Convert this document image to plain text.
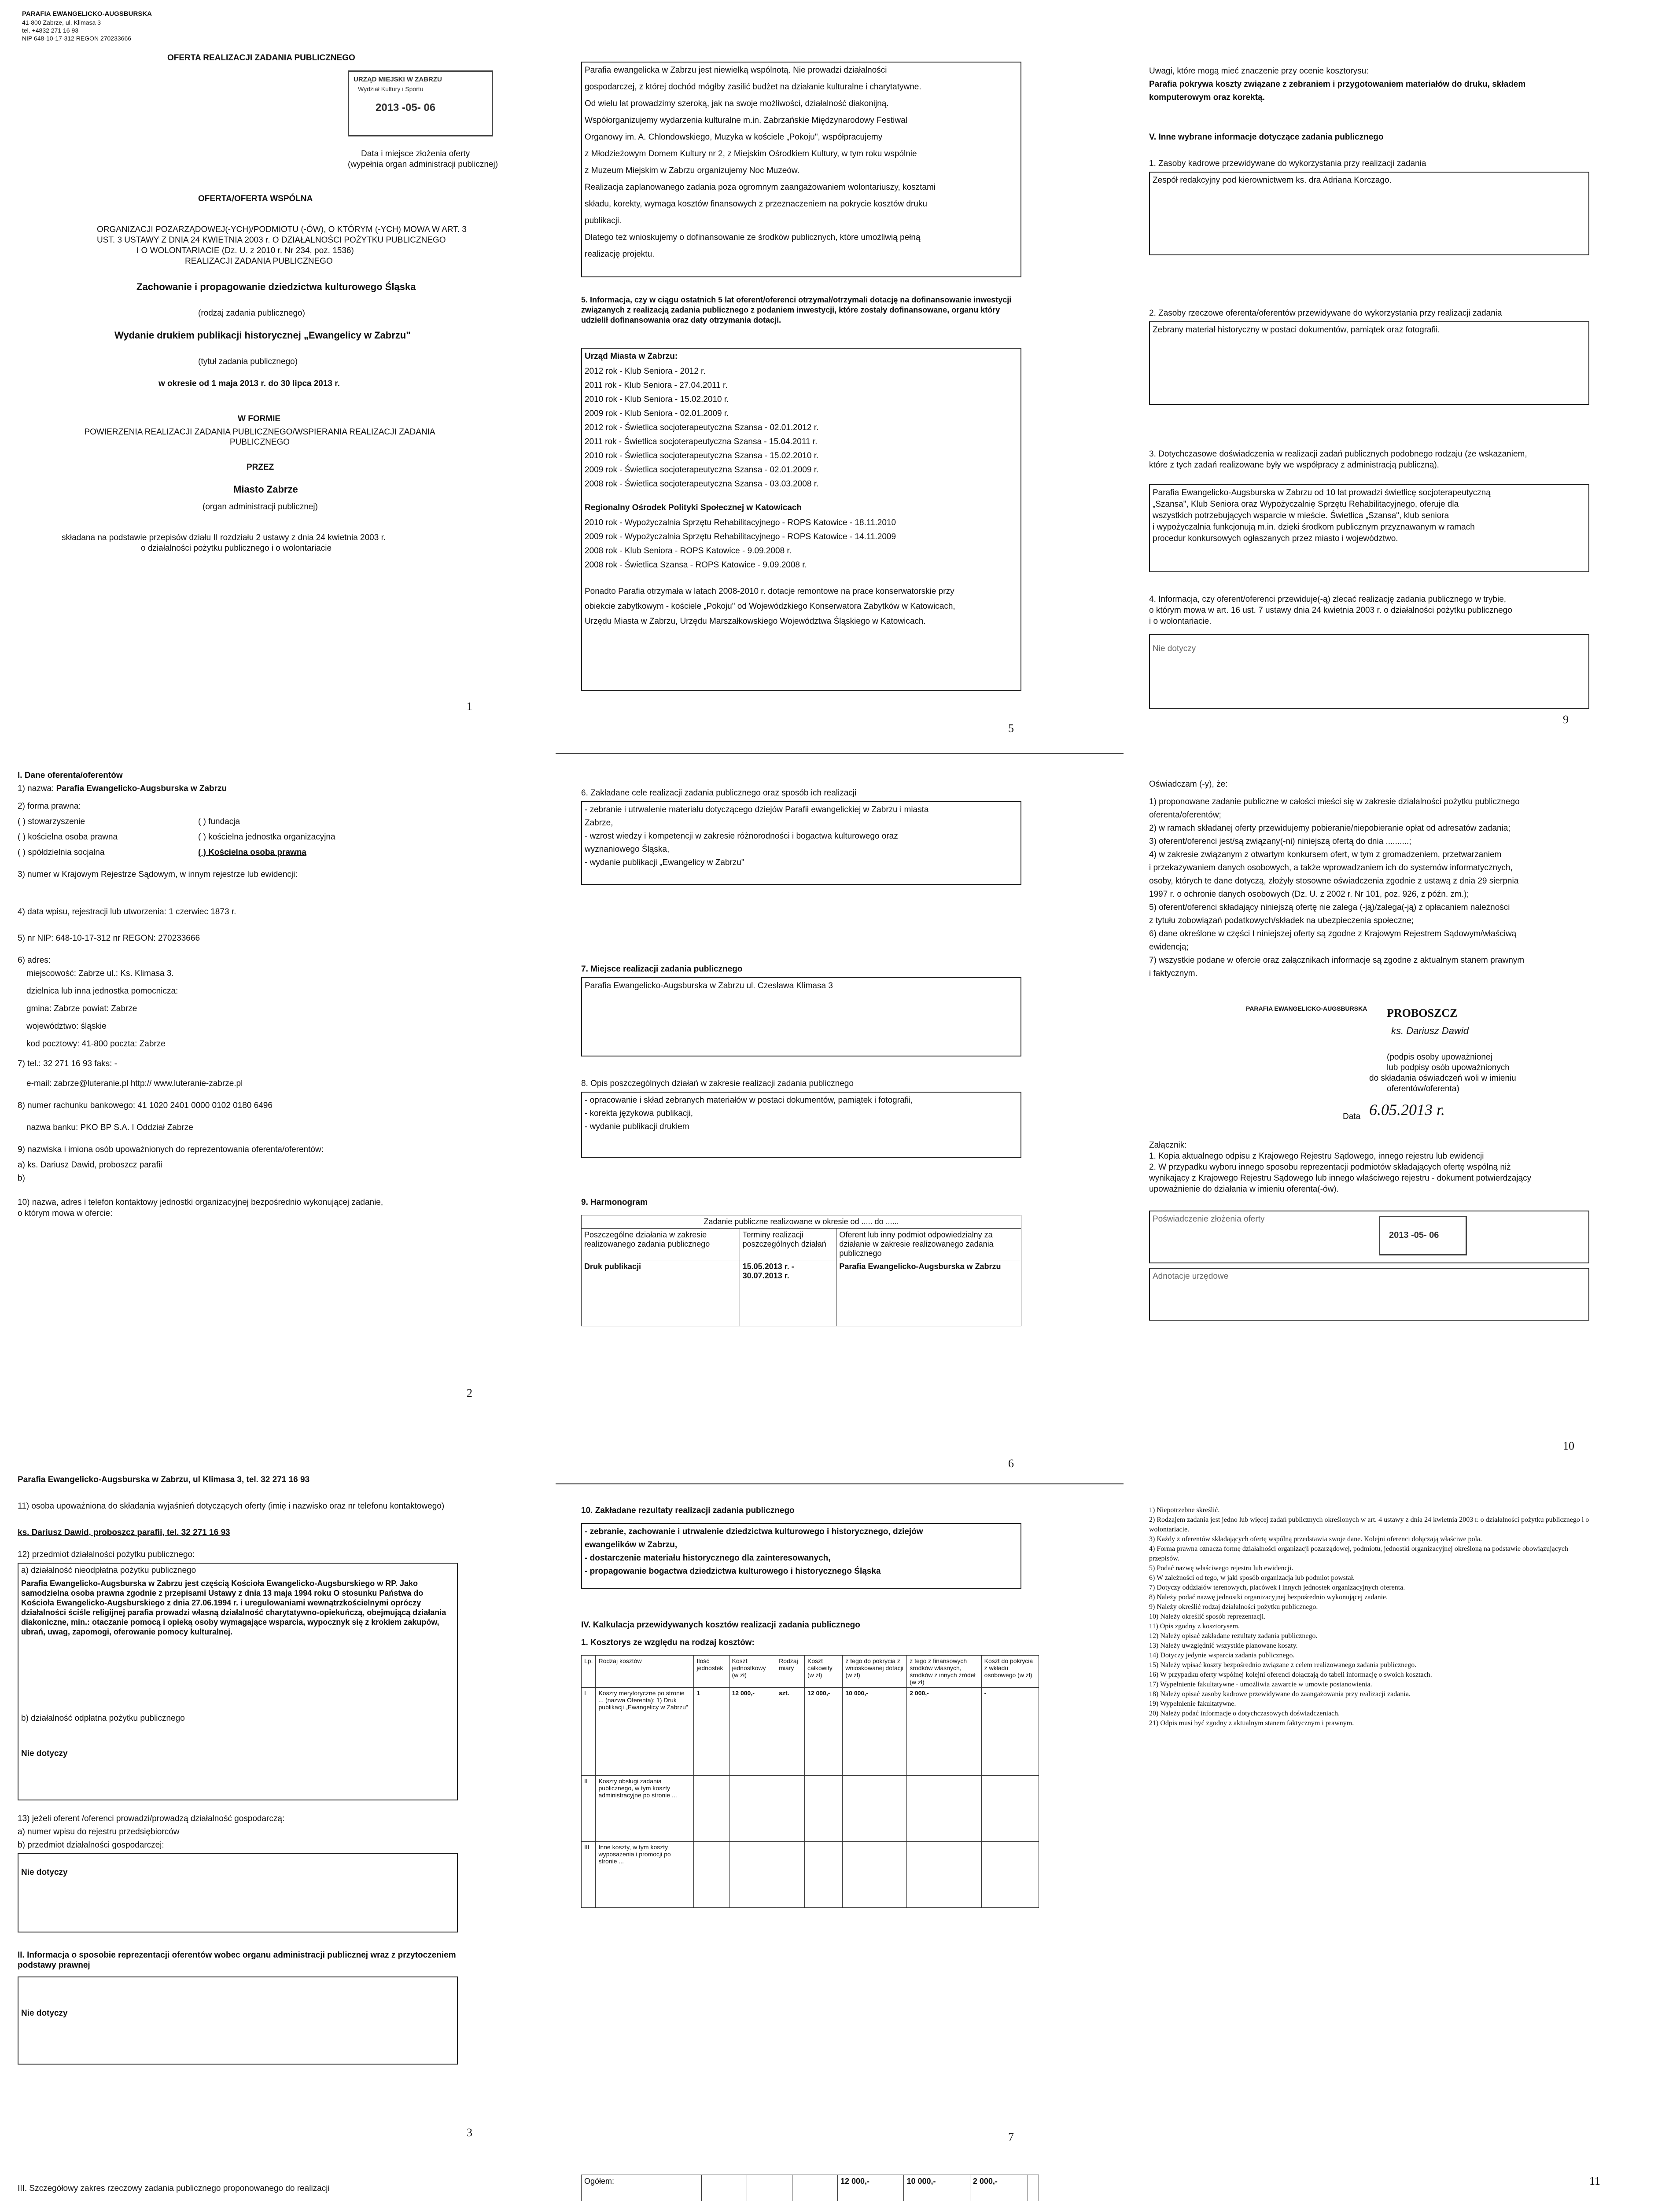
PARAFIA EWANGELICKO-AUGSBURSKA
41-800 Zabrze, ul. Klimasa 3
tel. +4832 271 16 93
NIP 648-10-17-312 REGON 270233666
OFERTA REALIZACJI ZADANIA PUBLICZNEGO
URZĄD MIEJSKI W ZABRZU
Wydział Kultury i Sportu
2013 -05- 06
Data i miejsce złożenia oferty
(wypełnia organ administracji publicznej)
OFERTA/OFERTA WSPÓLNA
ORGANIZACJI POZARZĄDOWEJ(-YCH)/PODMIOTU (-ÓW), O KTÓRYM (-YCH) MOWA W ART. 3
UST. 3 USTAWY Z DNIA 24 KWIETNIA 2003 r. O DZIAŁALNOŚCI POŻYTKU PUBLICZNEGO
I O WOLONTARIACIE (Dz. U. z 2010 r. Nr 234, poz. 1536)
REALIZACJI ZADANIA PUBLICZNEGO
Zachowanie i propagowanie dziedzictwa kulturowego Śląska
(rodzaj zadania publicznego)
Wydanie drukiem publikacji historycznej „Ewangelicy w Zabrzu"
(tytuł zadania publicznego)
w okresie od 1 maja 2013 r. do 30 lipca 2013 r.
W FORMIE
POWIERZENIA REALIZACJI ZADANIA PUBLICZNEGO/WSPIERANIA REALIZACJI ZADANIA PUBLICZNEGO
PRZEZ
Miasto Zabrze
(organ administracji publicznej)
składana na podstawie przepisów działu II rozdziału 2 ustawy z dnia 24 kwietnia 2003 r.
o działalności pożytku publicznego i o wolontariacie
1
I. Dane oferenta/oferentów
1) nazwa: Parafia Ewangelicko-Augsburska w Zabrzu
2) forma prawna:
( ) stowarzyszenie	( ) fundacja
( ) kościelna osoba prawna	( ) kościelna jednostka organizacyjna
( ) spółdzielnia socjalna	( ) Kościelna osoba prawna
3) numer w Krajowym Rejestrze Sądowym, w innym rejestrze lub ewidencji:
4) data wpisu, rejestracji lub utworzenia: 1 czerwiec 1873 r.
5) nr NIP: 648-10-17-312 nr REGON: 270233666
6) adres:
miejscowość: Zabrze ul.: Ks. Klimasa 3.
dzielnica lub inna jednostka pomocnicza:
gmina: Zabrze powiat: Zabrze
województwo: śląskie
kod pocztowy: 41-800 poczta: Zabrze
7) tel.: 32 271 16 93 faks: -
e-mail: zabrze@luteranie.pl http:// www.luteranie-zabrze.pl
8) numer rachunku bankowego: 41 1020 2401 0000 0102 0180 6496
nazwa banku: PKO BP S.A. I Oddział Zabrze
9) nazwiska i imiona osób upoważnionych do reprezentowania oferenta/oferentów:
a) ks. Dariusz Dawid, proboszcz parafii
b)
10) nazwa, adres i telefon kontaktowy jednostki organizacyjnej bezpośrednio wykonującej zadanie,
o którym mowa w ofercie:
2
Parafia Ewangelicko-Augsburska w Zabrzu, ul Klimasa 3, tel. 32 271 16 93
11) osoba upoważniona do składania wyjaśnień dotyczących oferty (imię i nazwisko oraz nr telefonu kontaktowego)
ks. Dariusz Dawid, proboszcz parafii, tel. 32 271 16 93
12) przedmiot działalności pożytku publicznego:
a) działalność nieodpłatna pożytku publicznego
Parafia Ewangelicko-Augsburska w Zabrzu jest częścią Kościoła Ewangelicko-Augsburskiego w RP. Jako samodzielna osoba prawna zgodnie z przepisami Ustawy z dnia 13 maja 1994 roku O stosunku Państwa do Kościoła Ewangelicko-Augsburskiego z dnia 27.06.1994 r. i uregulowaniami wewnątrzkościelnymi opróczy działalności ściśle religijnej parafia prowadzi własną działalność charytatywno-opiekuńczą, obejmującą działania diakoniczne, min.: otaczanie pomocą i opieką osoby wymagające wsparcia, wypocznyk się z krokiem zakupów, ubrań, uwag, zapomogi, oferowanie pomocy kulturalnej.
b) działalność odpłatna pożytku publicznego
Nie dotyczy
13) jeżeli oferent /oferenci prowadzi/prowadzą działalność gospodarczą:
a) numer wpisu do rejestru przedsiębiorców
b) przedmiot działalności gospodarczej:
Nie dotyczy
II. Informacja o sposobie reprezentacji oferentów wobec organu administracji publicznej wraz z przytoczeniem podstawy prawnej
Nie dotyczy
3
III. Szczegółowy zakres rzeczowy zadania publicznego proponowanego do realizacji
Parafia ewangelicka w Zabrzu jest niewielką wspólnotą. Nie prowadzi działalności
gospodarczej, z której dochód mógłby zasilić budżet na działanie kulturalne i charytatywne.
Od wielu lat prowadzimy szeroką, jak na swoje możliwości, działalność diakonijną.
Współorganizujemy wydarzenia kulturalne m.in. Zabrzańskie Międzynarodowy Festiwal
Organowy im. A. Chlondowskiego, Muzyka w kościele „Pokoju", współpracujemy
z Młodzieżowym Domem Kultury nr 2, z Miejskim Ośrodkiem Kultury, w tym roku wspólnie
z Muzeum Miejskim w Zabrzu organizujemy Noc Muzeów.
Realizacja zaplanowanego zadania poza ogromnym zaangażowaniem wolontariuszy, kosztami
składu, korekty, wymaga kosztów finansowych z przeznaczeniem na pokrycie kosztów druku
publikacji.
Dlatego też wnioskujemy o dofinansowanie ze środków publicznych, które umożliwią pełną
realizację projektu.
5. Informacja, czy w ciągu ostatnich 5 lat oferent/oferenci otrzymał/otrzymali dotację na dofinansowanie inwestycji związanych z realizacją zadania publicznego z podaniem inwestycji, które zostały dofinansowane, organu który udzielił dofinansowania oraz daty otrzymania dotacji.
Urząd Miasta w Zabrzu:
2012 rok - Klub Seniora - 2012 r.
2011 rok - Klub Seniora - 27.04.2011 r.
2010 rok - Klub Seniora - 15.02.2010 r.
2009 rok - Klub Seniora - 02.01.2009 r.
2012 rok - Świetlica socjoterapeutyczna Szansa - 02.01.2012 r.
2011 rok - Świetlica socjoterapeutyczna Szansa - 15.04.2011 r.
2010 rok - Świetlica socjoterapeutyczna Szansa - 15.02.2010 r.
2009 rok - Świetlica socjoterapeutyczna Szansa - 02.01.2009 r.
2008 rok - Świetlica socjoterapeutyczna Szansa - 03.03.2008 r.
Regionalny Ośrodek Polityki Społecznej w Katowicach
2010 rok - Wypożyczalnia Sprzętu Rehabilitacyjnego - ROPS Katowice - 18.11.2010
2009 rok - Wypożyczalnia Sprzętu Rehabilitacyjnego - ROPS Katowice - 14.11.2009
2008 rok - Klub Seniora - ROPS Katowice - 9.09.2008 r.
2008 rok - Świetlica Szansa - ROPS Katowice - 9.09.2008 r.
Ponadto Parafia otrzymała w latach 2008-2010 r. dotacje remontowe na prace konserwatorskie przy
obiekcie zabytkowym - kościele „Pokoju" od Wojewódzkiego Konserwatora Zabytków w Katowicach,
Urzędu Miasta w Zabrzu, Urzędu Marszałkowskiego Województwa Śląskiego w Katowicach.
5
6. Zakładane cele realizacji zadania publicznego oraz sposób ich realizacji
- zebranie i utrwalenie materiału dotyczącego dziejów Parafii ewangelickiej w Zabrzu i miasta
Zabrze,
- wzrost wiedzy i kompetencji w zakresie różnorodności i bogactwa kulturowego oraz
wyznaniowego Śląska,
- wydanie publikacji „Ewangelicy w Zabrzu"
7. Miejsce realizacji zadania publicznego
Parafia Ewangelicko-Augsburska w Zabrzu ul. Czesława Klimasa 3
8. Opis poszczególnych działań w zakresie realizacji zadania publicznego
- opracowanie i skład zebranych materiałów w postaci dokumentów, pamiątek i fotografii,
- korekta językowa publikacji,
- wydanie publikacji drukiem
9. Harmonogram
Zadanie publiczne realizowane w okresie od ..... do ......		
Poszczególne działania w zakresie realizowanego zadania publicznego	Terminy realizacji poszczególnych działań	Oferent lub inny podmiot odpowiedzialny za działanie w zakresie realizowanego zadania publicznego
Druk publikacji	15.05.2013 r. - 30.07.2013 r.	Parafia Ewangelicko-Augsburska w Zabrzu
6
10. Zakładane rezultaty realizacji zadania publicznego
- zebranie, zachowanie i utrwalenie dziedzictwa kulturowego i historycznego, dziejów
ewangelików w Zabrzu,
- dostarczenie materiału historycznego dla zainteresowanych,
- propagowanie bogactwa dziedzictwa kulturowego i historycznego Śląska
IV. Kalkulacja przewidywanych kosztów realizacji zadania publicznego
1. Kosztorys ze względu na rodzaj kosztów:
Lp.	Rodzaj kosztów	Ilość jednostek	Koszt jednostkowy (w zł)	Rodzaj miary	Koszt całkowity (w zł)	z tego do pokrycia z wnioskowanej dotacji (w zł)	z tego z finansowych środków własnych, środków z innych źródeł (w zł)	Koszt do pokrycia z wkładu osobowego (w zł)
I	Koszty merytoryczne po stronie ... (nazwa Oferenta): 1) Druk publikacji „Ewangelicy w Zabrzu"	1	12 000,-	szt.	12 000,-	10 000,-	2 000,-	-
II	Koszty obsługi zadania publicznego, w tym koszty administracyjne po stronie ...							
III	Inne koszty, w tym koszty wyposażenia i promocji po stronie ...							
7
Ogółem:				12 000,-	10 000,-	2 000,-	

Uwagi, które mogą mieć znaczenie przy ocenie kosztorysu:
Parafia pokrywa koszty związane z zebraniem i przygotowaniem materiałów do druku, składem
komputerowym oraz korektą.
V. Inne wybrane informacje dotyczące zadania publicznego
1. Zasoby kadrowe przewidywane do wykorzystania przy realizacji zadania
Zespół redakcyjny pod kierownictwem ks. dra Adriana Korczago.
2. Zasoby rzeczowe oferenta/oferentów przewidywane do wykorzystania przy realizacji zadania
Zebrany materiał historyczny w postaci dokumentów, pamiątek oraz fotografii.
3. Dotychczasowe doświadczenia w realizacji zadań publicznych podobnego rodzaju (ze wskazaniem,
które z tych zadań realizowane były we współpracy z administracją publiczną).
Parafia Ewangelicko-Augsburska w Zabrzu od 10 lat prowadzi świetlicę socjoterapeutyczną
„Szansa", Klub Seniora oraz Wypożyczalnię Sprzętu Rehabilitacyjnego, oferuje dla
wszystkich potrzebujących wsparcie w mieście. Świetlica „Szansa", klub seniora
i wypożyczalnia funkcjonują m.in. dzięki środkom publicznym przyznawanym w ramach
procedur konkursowych ogłaszanych przez miasto i województwo.
4. Informacja, czy oferent/oferenci przewiduje(-ą) zlecać realizację zadania publicznego w trybie,
o którym mowa w art. 16 ust. 7 ustawy dnia 24 kwietnia 2003 r. o działalności pożytku publicznego
i o wolontariacie.
Nie dotyczy
9
Oświadczam (-y), że:
1) proponowane zadanie publiczne w całości mieści się w zakresie działalności pożytku publicznego
oferenta/oferentów;
2) w ramach składanej oferty przewidujemy pobieranie/niepobieranie opłat od adresatów zadania;
3) oferent/oferenci jest/są związany(-ni) niniejszą ofertą do dnia ..........;
4) w zakresie związanym z otwartym konkursem ofert, w tym z gromadzeniem, przetwarzaniem
i przekazywaniem danych osobowych, a także wprowadzaniem ich do systemów informatycznych,
osoby, których te dane dotyczą, złożyły stosowne oświadczenia zgodnie z ustawą z dnia 29 sierpnia
1997 r. o ochronie danych osobowych (Dz. U. z 2002 r. Nr 101, poz. 926, z późn. zm.);
5) oferent/oferenci składający niniejszą ofertę nie zalega (-ją)/zalega(-ją) z opłacaniem należności
z tytułu zobowiązań podatkowych/składek na ubezpieczenia społeczne;
6) dane określone w części I niniejszej oferty są zgodne z Krajowym Rejestrem Sądowym/właściwą
ewidencją;
7) wszystkie podane w ofercie oraz załącznikach informacje są zgodne z aktualnym stanem prawnym
i faktycznym.
PARAFIA EWANGELICKO-AUGSBURSKA PROBOSZCZ
ks. Dariusz Dawid
(podpis osoby upoważnionej
lub podpisy osób upoważnionych
do składania oświadczeń woli w imieniu
oferentów/oferenta)
Data 6.05.2013 r.
Załącznik:
1. Kopia aktualnego odpisu z Krajowego Rejestru Sądowego, innego rejestru lub ewidencji
2. W przypadku wyboru innego sposobu reprezentacji podmiotów składających ofertę wspólną niż
wynikający z Krajowego Rejestru Sądowego lub innego właściwego rejestru - dokument potwierdzający
upoważnienie do działania w imieniu oferenta(-ów).
Poświadczenie złożenia oferty
2013 -05- 06
Adnotacje urzędowe
10
1) Niepotrzebne skreślić.
2) Rodzajem zadania jest jedno lub więcej zadań publicznych określonych w art. 4 ustawy z dnia 24 kwietnia 2003 r. o działalności pożytku publicznego i o wolontariacie.
3) Każdy z oferentów składających ofertę wspólną przedstawia swoje dane. Kolejni oferenci dołączają właściwe pola.
4) Forma prawna oznacza formę działalności organizacji pozarządowej, podmiotu, jednostki organizacyjnej określoną na podstawie obowiązujących przepisów.
5) Podać nazwę właściwego rejestru lub ewidencji.
6) W zależności od tego, w jaki sposób organizacja lub podmiot powstał.
7) Dotyczy oddziałów terenowych, placówek i innych jednostek organizacyjnych oferenta.
8) Należy podać nazwę jednostki organizacyjnej bezpośrednio wykonującej zadanie.
9) Należy określić rodzaj działalności pożytku publicznego.
10) Należy określić sposób reprezentacji.
11) Opis zgodny z kosztorysem.
12) Należy opisać zakładane rezultaty zadania publicznego.
13) Należy uwzględnić wszystkie planowane koszty.
14) Dotyczy jedynie wsparcia zadania publicznego.
15) Należy wpisać koszty bezpośrednio związane z celem realizowanego zadania publicznego.
16) W przypadku oferty wspólnej kolejni oferenci dołączają do tabeli informację o swoich kosztach.
17) Wypełnienie fakultatywne - umożliwia zawarcie w umowie postanowienia.
18) Należy opisać zasoby kadrowe przewidywane do zaangażowania przy realizacji zadania.
19) Wypełnienie fakultatywne.
20) Należy podać informacje o dotychczasowych doświadczeniach.
21) Odpis musi być zgodny z aktualnym stanem faktycznym i prawnym.
11
